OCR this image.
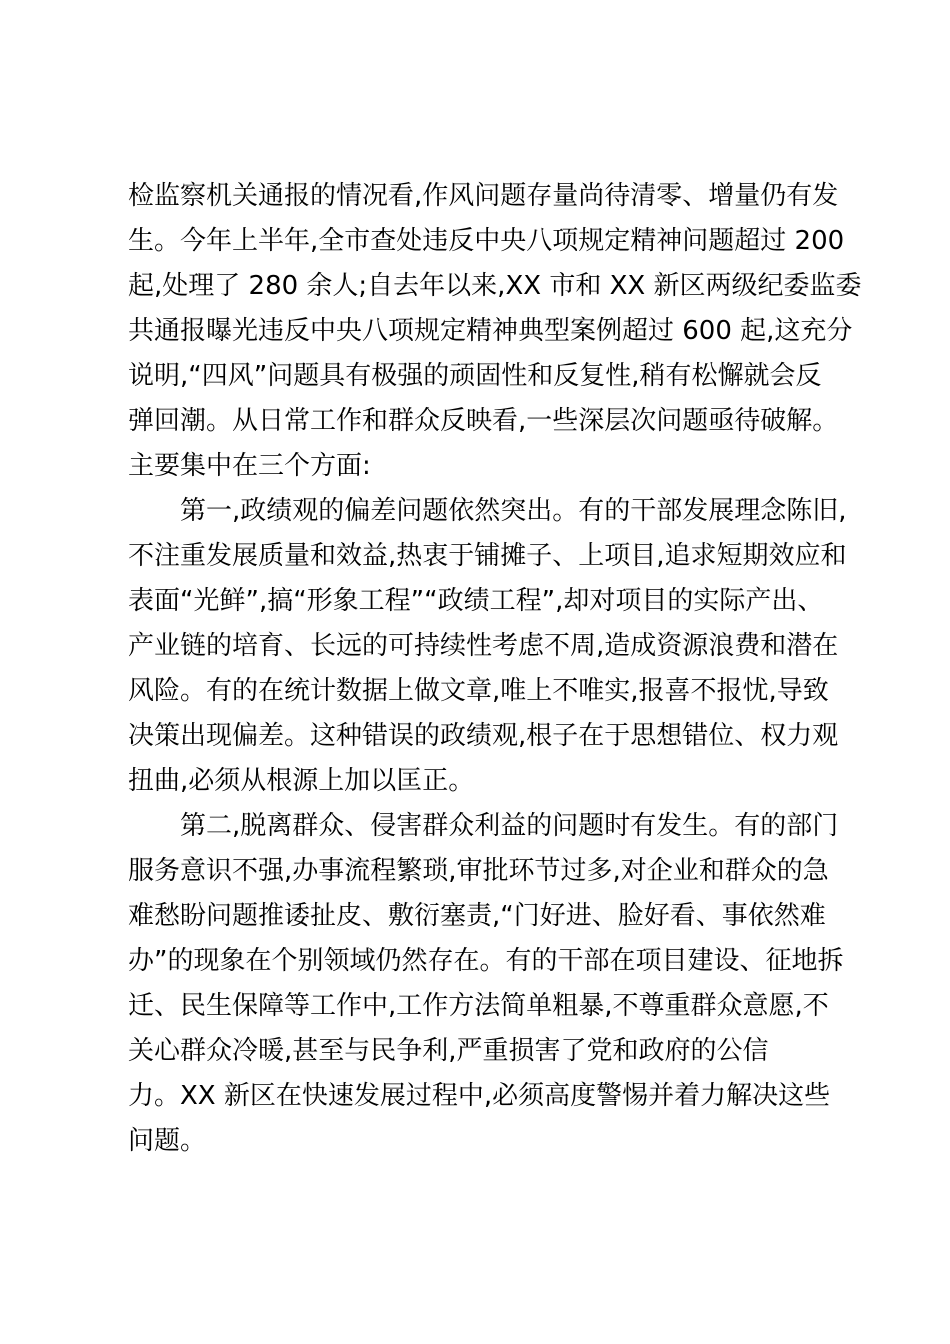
检监察机关通报的情况看,作风问题存量尚待清零、增量仍有发
生。今年上半年,全市查处违反中央八项规定精神问题超过 200
起,处理了 280 余人;自去年以来,XX 市和 XX 新区两级纪委监委
共通报曝光违反中央八项规定精神典型案例超过 600 起,这充分
说明,“四风”问题具有极强的顽固性和反复性,稍有松懈就会反
弹回潮。从日常工作和群众反映看,一些深层次问题亟待破解。
主要集中在三个方面:
第一,政绩观的偏差问题依然突出。有的干部发展理念陈旧,
不注重发展质量和效益,热衷于铺摊子、上项目,追求短期效应和
表面“光鲜”,搞“形象工程”“政绩工程”,却对项目的实际产出、
产业链的培育、长远的可持续性考虑不周,造成资源浪费和潜在
风险。有的在统计数据上做文章,唯上不唯实,报喜不报忧,导致
决策出现偏差。这种错误的政绩观,根子在于思想错位、权力观
扭曲,必须从根源上加以匡正。
第二,脱离群众、侵害群众利益的问题时有发生。有的部门
服务意识不强,办事流程繁琐,审批环节过多,对企业和群众的急
难愁盼问题推诿扯皮、敷衍塞责,“门好进、脸好看、事依然难
办”的现象在个别领域仍然存在。有的干部在项目建设、征地拆
迁、民生保障等工作中,工作方法简单粗暴,不尊重群众意愿,不
关心群众冷暖,甚至与民争利,严重损害了党和政府的公信
力。XX 新区在快速发展过程中,必须高度警惕并着力解决这些
问题。
